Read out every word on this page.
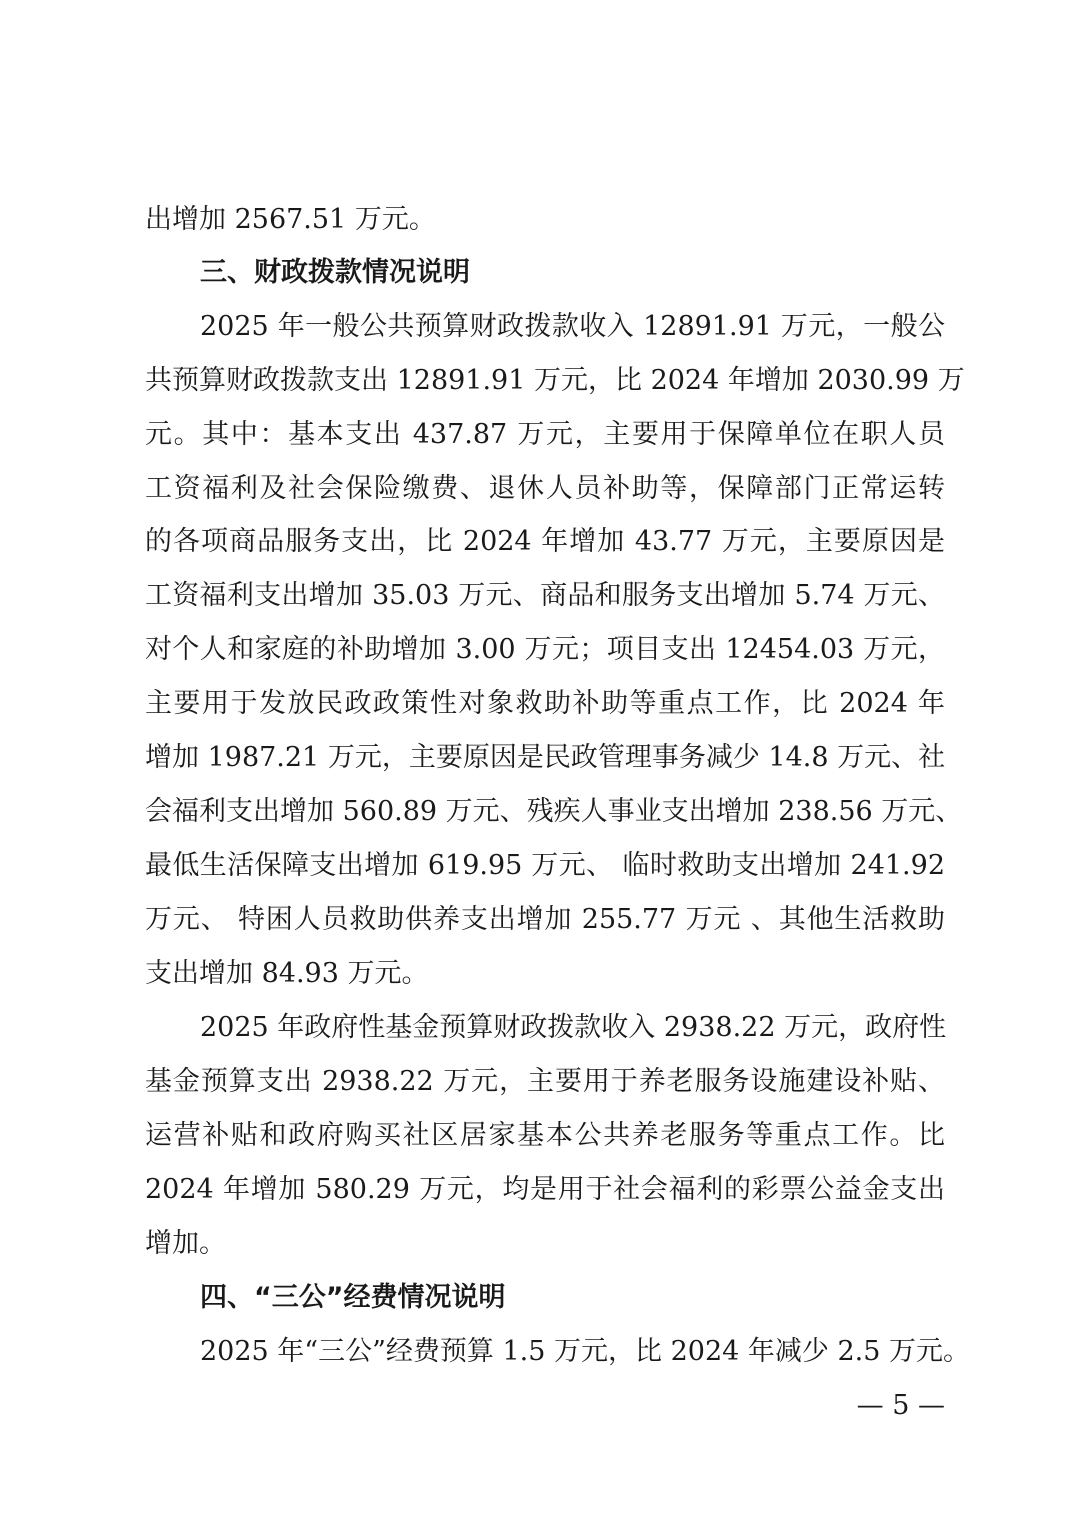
出增加 2567.51 万元。
三、财政拨款情况说明
2025 年一般公共预算财政拨款收入 12891.91 万元，一般公
共预算财政拨款支出 12891.91 万元，比 2024 年增加 2030.99 万
元。其中：基本支出 437.87 万元，主要用于保障单位在职人员
工资福利及社会保险缴费、退休人员补助等，保障部门正常运转
的各项商品服务支出，比 2024 年增加 43.77 万元，主要原因是
工资福利支出增加 35.03 万元、商品和服务支出增加 5.74 万元、
对个人和家庭的补助增加 3.00 万元；项目支出 12454.03 万元，
主要用于发放民政政策性对象救助补助等重点工作，比 2024 年
增加 1987.21 万元，主要原因是民政管理事务减少 14.8 万元、社
会福利支出增加 560.89 万元、残疾人事业支出增加 238.56 万元、
最低生活保障支出增加 619.95 万元、 临时救助支出增加 241.92
万元、 特困人员救助供养支出增加 255.77 万元 、其他生活救助
支出增加 84.93 万元。
2025 年政府性基金预算财政拨款收入 2938.22 万元，政府性
基金预算支出 2938.22 万元，主要用于养老服务设施建设补贴、
运营补贴和政府购买社区居家基本公共养老服务等重点工作。比
2024 年增加 580.29 万元，均是用于社会福利的彩票公益金支出
增加。
四、“三公”经费情况说明
2025 年“三公”经费预算 1.5 万元，比 2024 年减少 2.5 万元。
— 5 —
